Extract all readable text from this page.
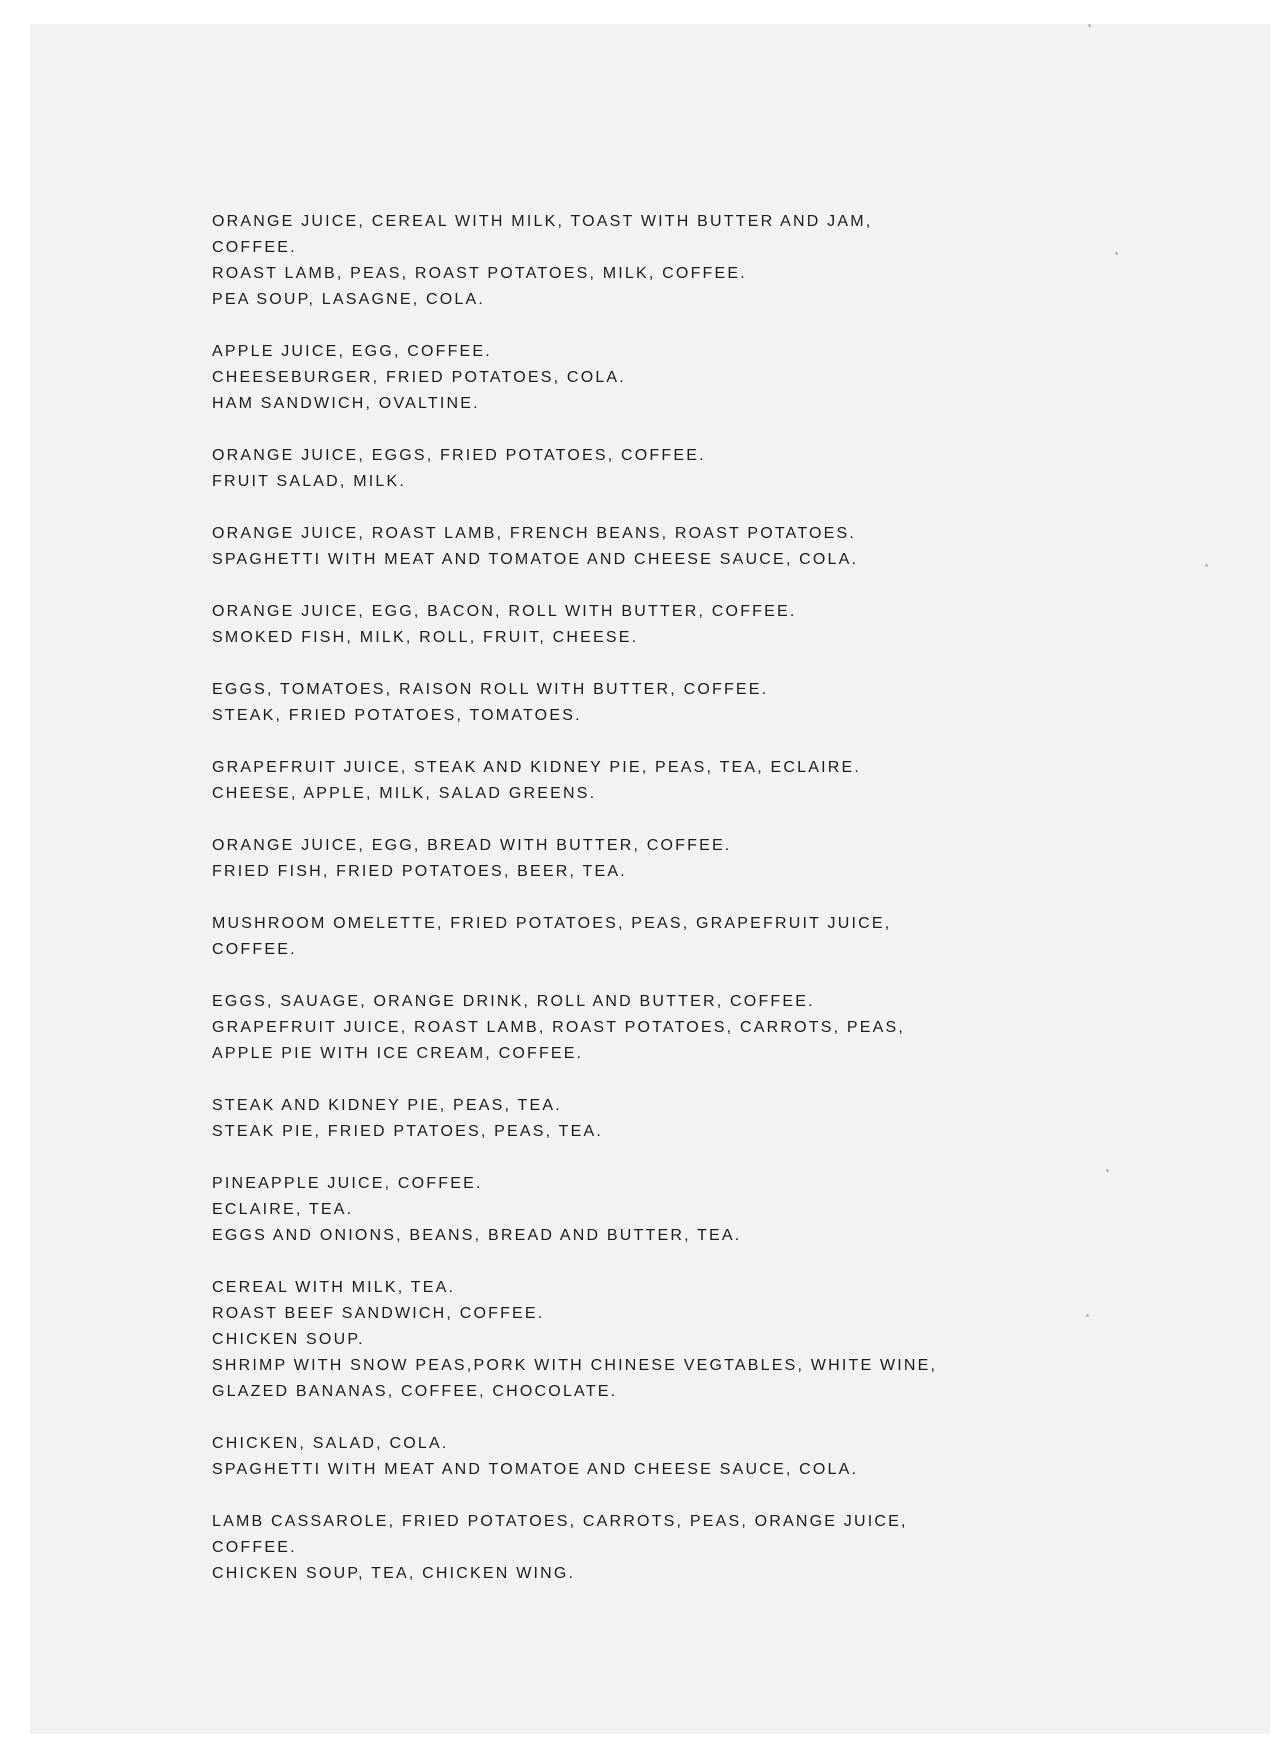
ORANGE JUICE, CEREAL WITH MILK, TOAST WITH BUTTER AND JAM,
COFFEE.
ROAST LAMB, PEAS, ROAST POTATOES, MILK, COFFEE.
PEA SOUP, LASAGNE, COLA.
APPLE JUICE, EGG, COFFEE.
CHEESEBURGER, FRIED POTATOES, COLA.
HAM SANDWICH, OVALTINE.
ORANGE JUICE, EGGS, FRIED POTATOES, COFFEE.
FRUIT SALAD, MILK.
ORANGE JUICE, ROAST LAMB, FRENCH BEANS, ROAST POTATOES.
SPAGHETTI WITH MEAT AND TOMATOE AND CHEESE SAUCE, COLA.
ORANGE JUICE, EGG, BACON, ROLL WITH BUTTER, COFFEE.
SMOKED FISH, MILK, ROLL, FRUIT, CHEESE.
EGGS, TOMATOES, RAISON ROLL WITH BUTTER, COFFEE.
STEAK, FRIED POTATOES, TOMATOES.
GRAPEFRUIT JUICE, STEAK AND KIDNEY PIE, PEAS, TEA, ECLAIRE.
CHEESE, APPLE, MILK, SALAD GREENS.
ORANGE JUICE, EGG, BREAD WITH BUTTER, COFFEE.
FRIED FISH, FRIED POTATOES, BEER, TEA.
MUSHROOM OMELETTE, FRIED POTATOES, PEAS, GRAPEFRUIT JUICE,
COFFEE.
EGGS, SAUAGE, ORANGE DRINK, ROLL AND BUTTER, COFFEE.
GRAPEFRUIT JUICE, ROAST LAMB, ROAST POTATOES, CARROTS, PEAS,
APPLE PIE WITH ICE CREAM, COFFEE.
STEAK AND KIDNEY PIE, PEAS, TEA.
STEAK PIE, FRIED PTATOES, PEAS, TEA.
PINEAPPLE JUICE, COFFEE.
ECLAIRE, TEA.
EGGS AND ONIONS, BEANS, BREAD AND BUTTER, TEA.
CEREAL WITH MILK, TEA.
ROAST BEEF SANDWICH, COFFEE.
CHICKEN SOUP.
SHRIMP WITH SNOW PEAS,PORK WITH CHINESE VEGTABLES, WHITE WINE,
GLAZED BANANAS, COFFEE, CHOCOLATE.
CHICKEN, SALAD, COLA.
SPAGHETTI WITH MEAT AND TOMATOE AND CHEESE SAUCE, COLA.
LAMB CASSAROLE, FRIED POTATOES, CARROTS, PEAS, ORANGE JUICE,
COFFEE.
CHICKEN SOUP, TEA, CHICKEN WING.
